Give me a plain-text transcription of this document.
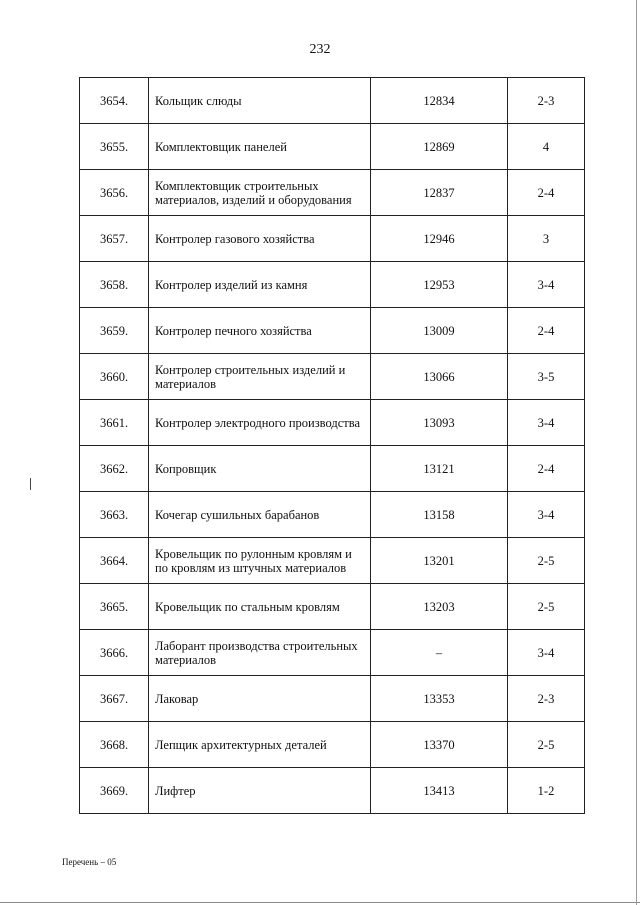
232
3654.	Кольщик слюды	12834	2-3
3655.	Комплектовщик панелей	12869	4
3656.	Комплектовщик строительных материалов, изделий и оборудования	12837	2-4
3657.	Контролер газового хозяйства	12946	3
3658.	Контролер изделий из камня	12953	3-4
3659.	Контролер печного хозяйства	13009	2-4
3660.	Контролер строительных изделий и материалов	13066	3-5
3661.	Контролер электродного производства	13093	3-4
3662.	Копровщик	13121	2-4
3663.	Кочегар сушильных барабанов	13158	3-4
3664.	Кровельщик по рулонным кровлям и по кровлям из штучных материалов	13201	2-5
3665.	Кровельщик по стальным кровлям	13203	2-5
3666.	Лаборант производства строительных материалов	–	3-4
3667.	Лаковар	13353	2-3
3668.	Лепщик архитектурных деталей	13370	2-5
3669.	Лифтер	13413	1-2
Перечень – 05
